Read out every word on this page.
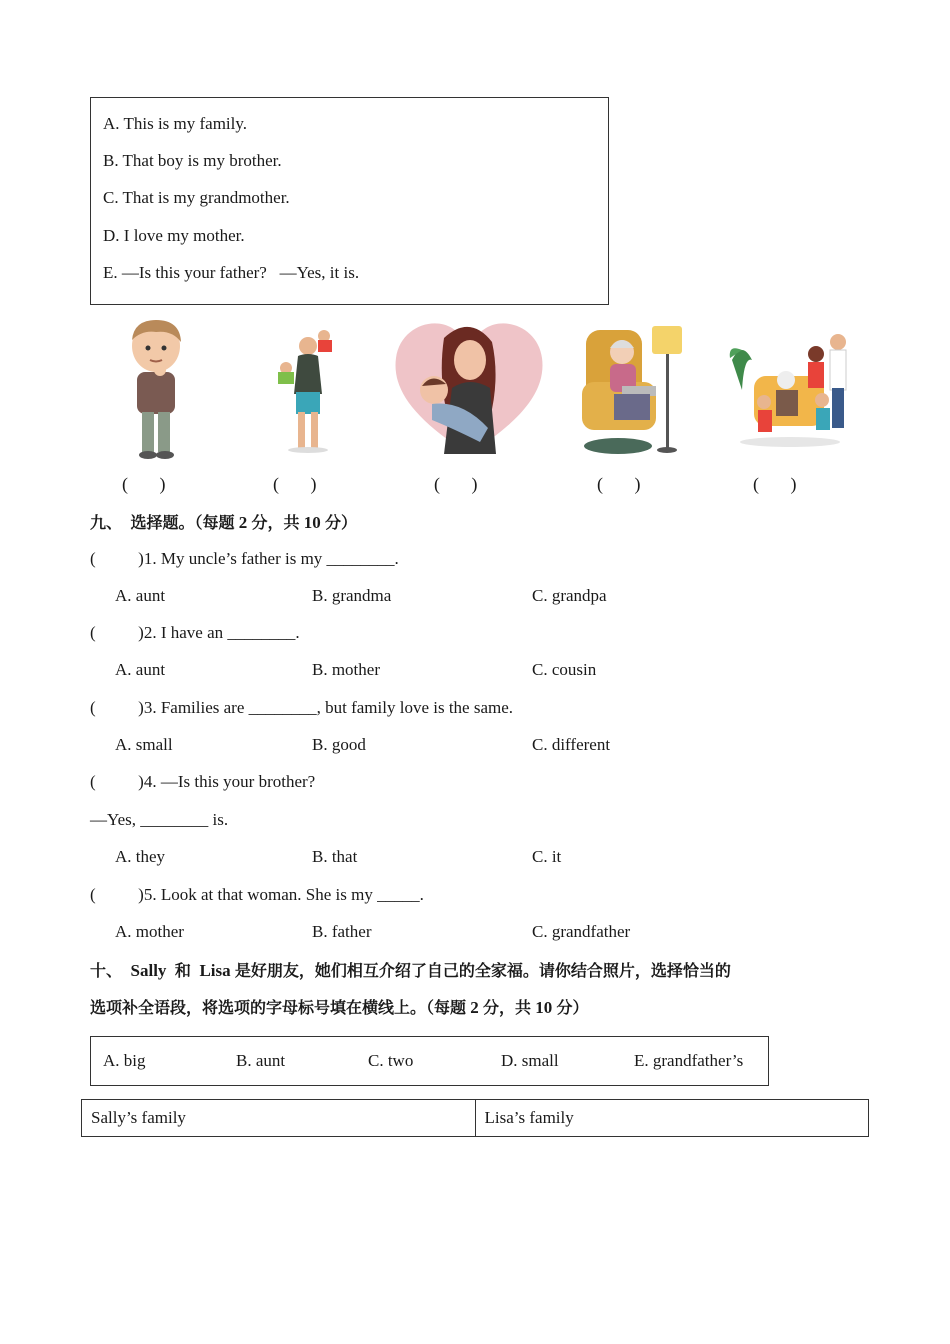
A. This is my family.
B. That boy is my brother.
C. That is my grandmother.
D. I love my mother.
E. —Is this your father?   —Yes, it is.
(       )	(       )	(       )	(       )	(       )
九、 选择题。（每题 2 分，共 10 分）
(          )1. My uncle’s father is my ________.
A. aunt	B. grandma	C. grandpa
(          )2. I have an ________.
A. aunt	B. mother	C. cousin
(          )3. Families are ________, but family love is the same.
A. small	B. good	C. different
(          )4. —Is this your brother?
—Yes, ________ is.
A. they	B. that	C. it
(          )5. Look at that woman. She is my _____.
A. mother	B. father	C. grandfather
十、 Sally 和 Lisa 是好朋友，她们相互介绍了自己的全家福。请你结合照片，选择恰当的
选项补全语段，将选项的字母标号填在横线上。（每题 2 分，共 10 分）
A. big	B. aunt	C. two	D. small	E. grandfather’s
Sally’s family	Lisa’s family
